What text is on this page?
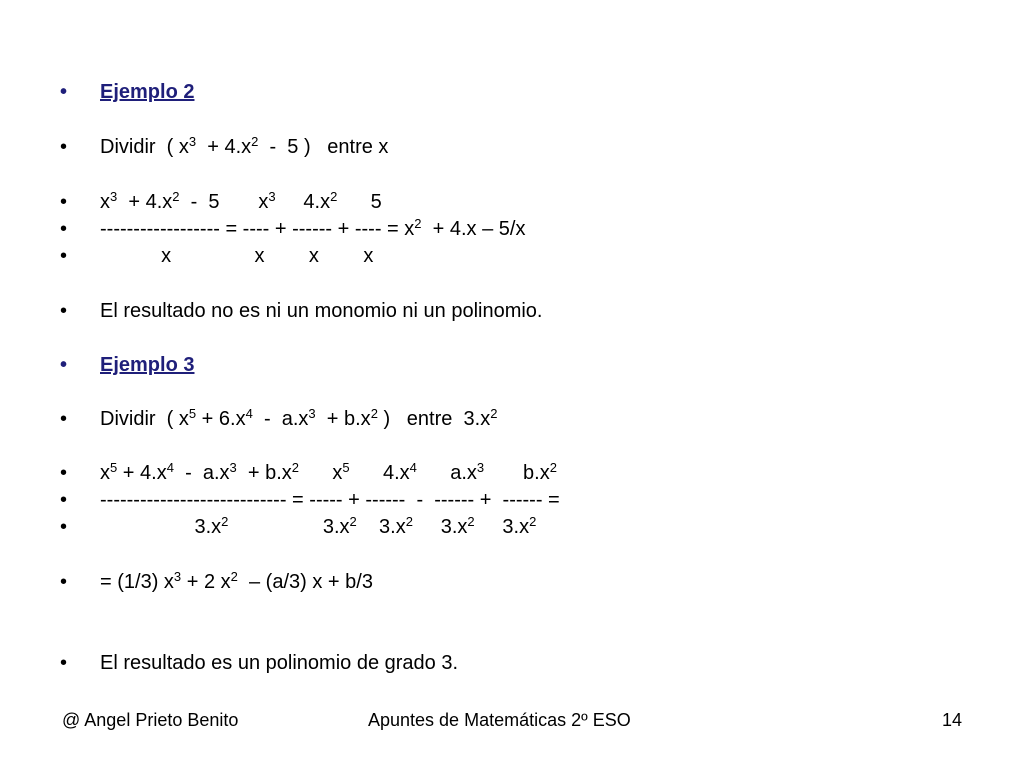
•	Ejemplo 2
•	Dividir  ( $x^3 + 4.x^2 - 5$ )   entre x
•	$x^3 + 4.x^2 - 5$       $x^3$     $4.x^2$      5
•	------------------ = ---- + ------ + ---- = $x^2 + 4.x - 5/x$
•	x               x        x        x
•	El resultado no es ni un monomio ni un polinomio.
•	Ejemplo 3
•	Dividir  ( $x^5 + 6.x^4 - a.x^3 + b.x^2$ )   entre  $3.x^2$
•	$x^5 + 4.x^4 - a.x^3 + b.x^2$      $x^5$      $4.x^4$      $a.x^3$       $b.x^2$
•	---------------------------- = ----- + ------  -  ------ +  ------ =
•	$3.x^2$                 $3.x^2$    $3.x^2$     $3.x^2$     $3.x^2$
•	= (1/3) $x^3 + 2$ $x^2 - (a/3) x + b/3$
•	El resultado es un polinomio de grado 3.
@ Angel Prieto Benito	Apuntes de Matemáticas 2º ESO	14
